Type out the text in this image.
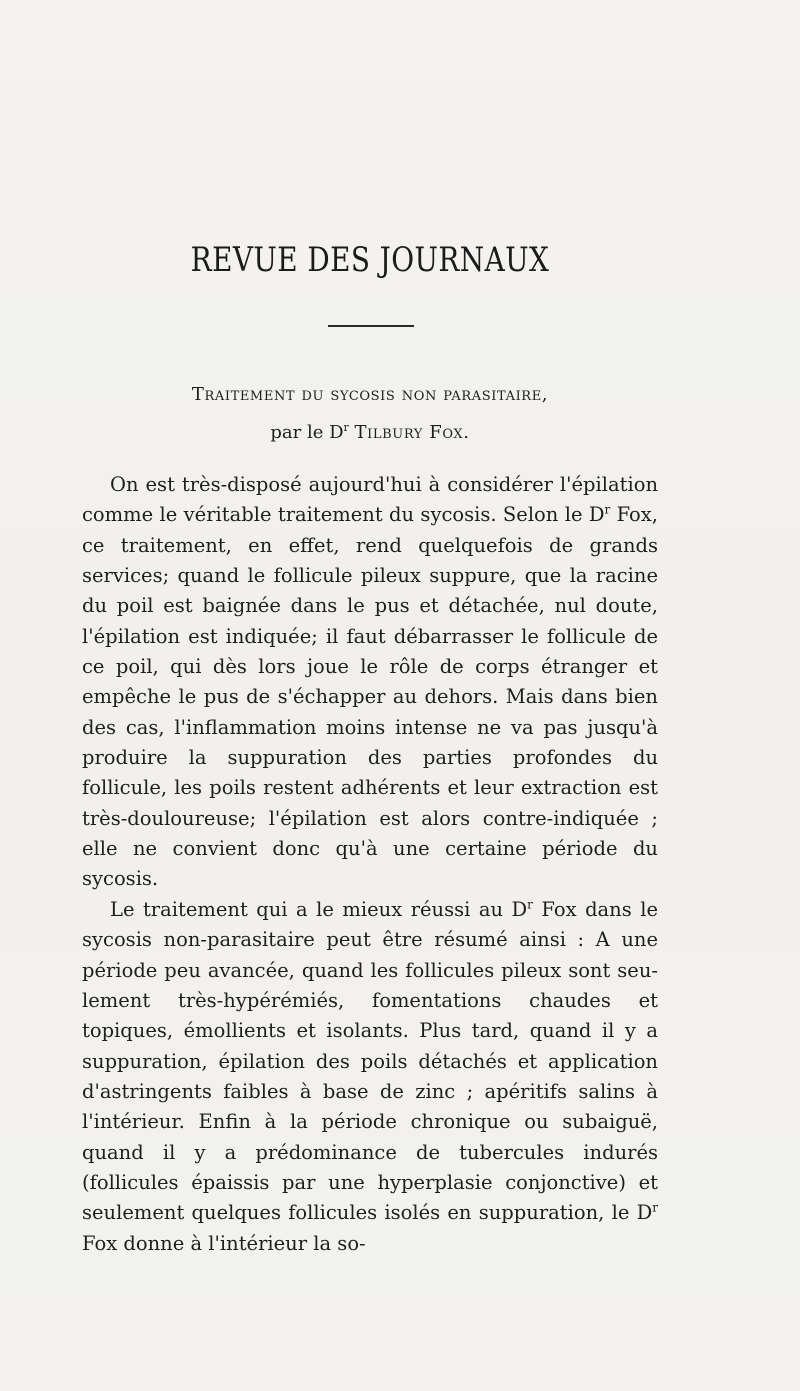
REVUE DES JOURNAUX
Traitement du sycosis non parasitaire,
par le $D^r$ Tilbury Fox.

On est très-disposé aujourd'hui à considérer l'épilation comme le véritable traitement du sycosis. Selon le $D^r$ Fox, ce traitement, en effet, rend quelquefois de grands services; quand le follicule pileux suppure, que la racine du poil est baignée dans le pus et détachée, nul doute, l'épilation est indiquée; il faut débarrasser le follicule de ce poil, qui dès lors joue le rôle de corps étranger et empêche le pus de s'échapper au dehors. Mais dans bien des cas, l'inflammation moins intense ne va pas jusqu'à produire la suppuration des parties profondes du follicule, les poils restent adhérents et leur extraction est très-douloureuse; l'épilation est alors contre-indiquée ; elle ne convient donc qu'à une certaine période du sycosis.

Le traitement qui a le mieux réussi au $D^r$ Fox dans le sycosis non-parasitaire peut être résumé ainsi : A une période peu avancée, quand les follicules pileux sont seulement très-hypérémiés, fomentations chaudes et topiques, émollients et isolants. Plus tard, quand il y a suppuration, épilation des poils détachés et application d'astringents faibles à base de zinc ; apéritifs salins à l'intérieur. Enfin à la période chronique ou subaiguë, quand il y a prédominance de tubercules indurés (follicules épaissis par une hyperplasie conjonctive) et seulement quelques follicules isolés en suppuration, le $D^r$ Fox donne à l'intérieur la so-
